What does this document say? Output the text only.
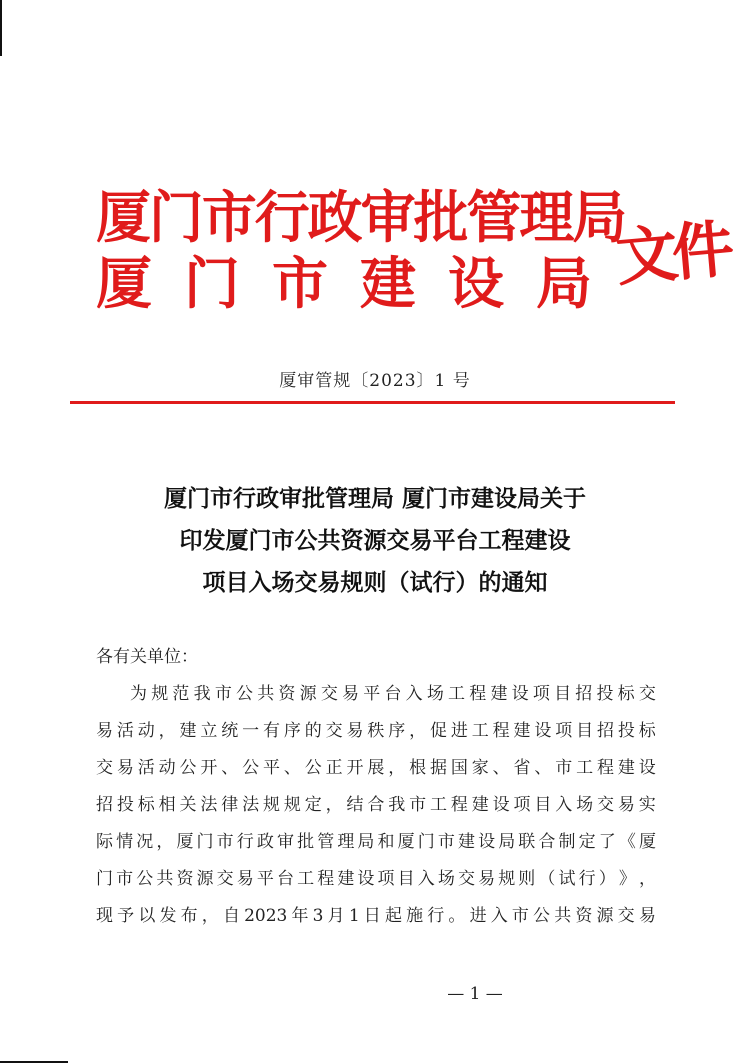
厦门市行政审批管理局
厦 门 市 建 设 局 文件
厦审管规〔2023〕1 号
厦门市行政审批管理局 厦门市建设局关于
印发厦门市公共资源交易平台工程建设
项目入场交易规则（试行）的通知
各有关单位：
为 规 范 我 市 公 共 资 源 交 易 平 台 入 场 工 程 建 设 项 目 招 投 标 交
易 活 动 ， 建 立 统 一 有 序 的 交 易 秩 序 ， 促 进 工 程 建 设 项 目 招 投 标
交 易 活 动 公 开 、 公 平 、 公 正 开 展 ， 根 据 国 家 、 省 、 市 工 程 建 设
招 投 标 相 关 法 律 法 规 规 定 ， 结 合 我 市 工 程 建 设 项 目 入 场 交 易 实
际 情 况 ， 厦 门 市 行 政 审 批 管 理 局 和 厦 门 市 建 设 局 联 合 制 定 了 《 厦
门 市 公 共 资 源 交 易 平 台 工 程 建 设 项 目 入 场 交 易 规 则 （ 试 行 ） 》 ，
现 予 以 发 布 ， 自 2023 年 3 月 1 日 起 施 行 。 进 入 市 公 共 资 源 交 易
— 1 —
